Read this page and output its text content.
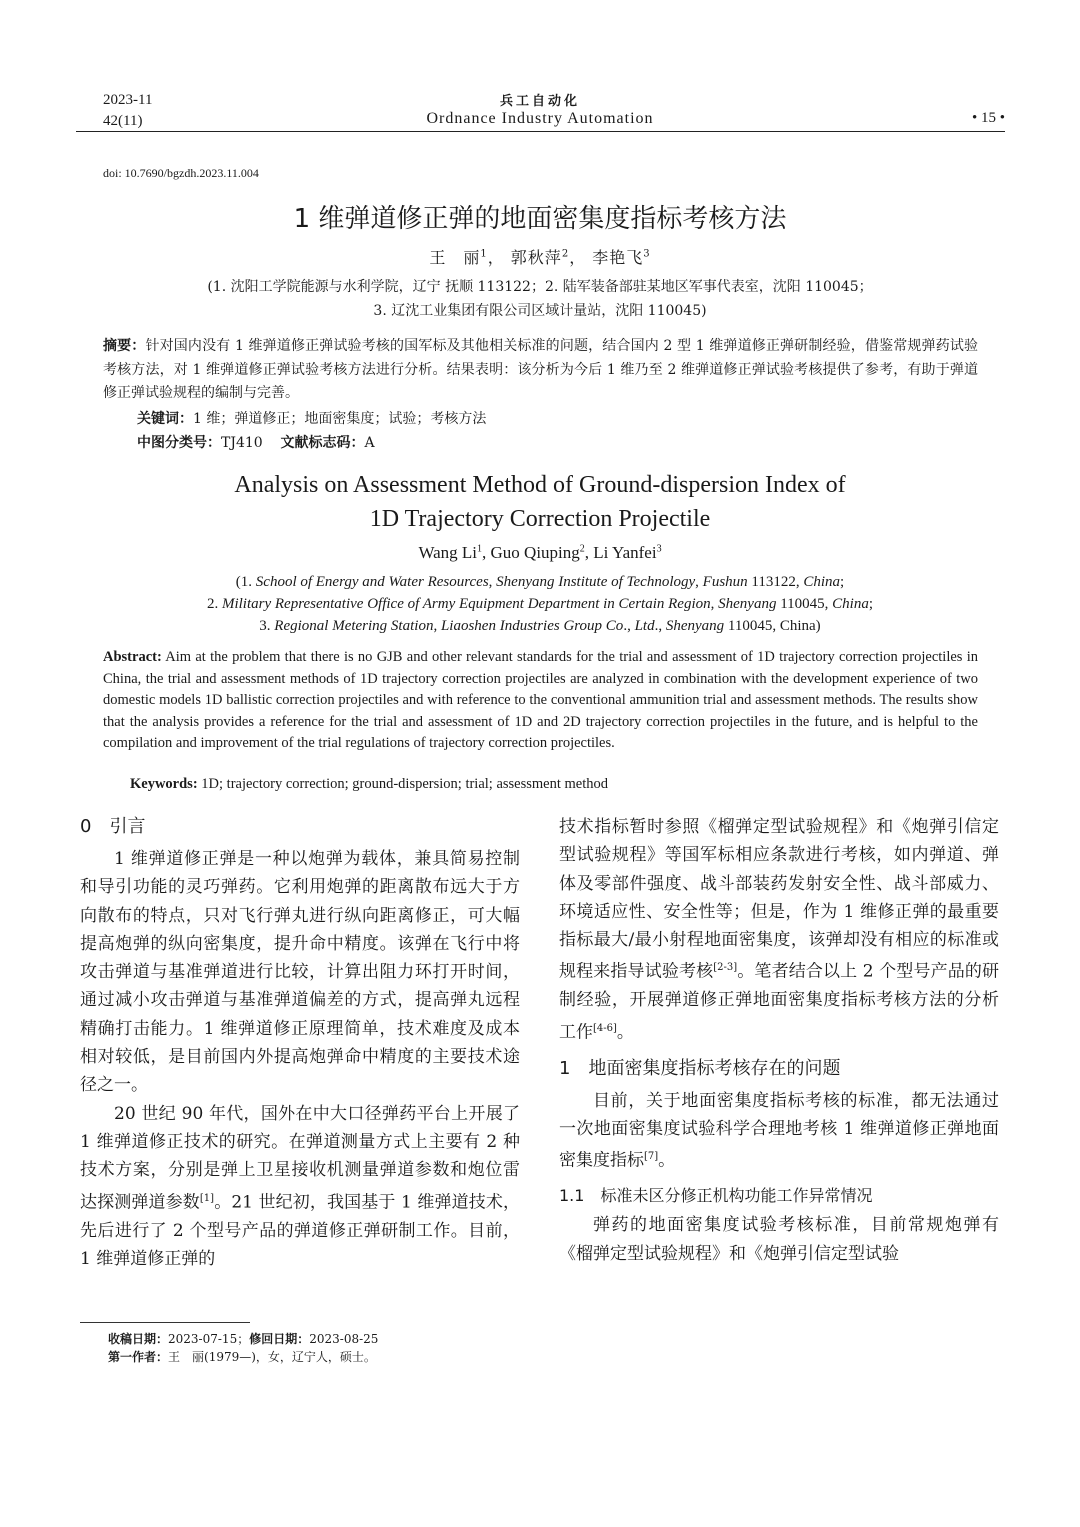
2023-11
42(11)
兵工自动化
Ordnance Industry Automation	• 15 •
doi: 10.7690/bgzdh.2023.11.004
1 维弹道修正弹的地面密集度指标考核方法
王　丽$^1$， 郭秋萍$^2$， 李艳飞$^3$
(1. 沈阳工学院能源与水利学院，辽宁 抚顺 113122；2. 陆军装备部驻某地区军事代表室，沈阳 110045；
3. 辽沈工业集团有限公司区域计量站，沈阳 110045)
摘要：针对国内没有 1 维弹道修正弹试验考核的国军标及其他相关标准的问题，结合国内 2 型 1 维弹道修正弹研制经验，借鉴常规弹药试验考核方法，对 1 维弹道修正弹试验考核方法进行分析。结果表明：该分析为今后 1 维乃至 2 维弹道修正弹试验考核提供了参考，有助于弹道修正弹试验规程的编制与完善。
关键词：1 维；弹道修正；地面密集度；试验；考核方法
中图分类号：TJ410 文献标志码：A
Analysis on Assessment Method of Ground-dispersion Index of
1D Trajectory Correction Projectile
Wang Li$^1$, Guo Qiuping$^2$, Li Yanfei$^3$
(1. School of Energy and Water Resources, Shenyang Institute of Technology, Fushun 113122, China;
2. Military Representative Office of Army Equipment Department in Certain Region, Shenyang 110045, China;
3. Regional Metering Station, Liaoshen Industries Group Co., Ltd., Shenyang 110045, China)
Abstract: Aim at the problem that there is no GJB and other relevant standards for the trial and assessment of 1D trajectory correction projectiles in China, the trial and assessment methods of 1D trajectory correction projectiles are analyzed in combination with the development experience of two domestic models 1D ballistic correction projectiles and with reference to the conventional ammunition trial and assessment methods. The results show that the analysis provides a reference for the trial and assessment of 1D and 2D trajectory correction projectiles in the future, and is helpful to the compilation and improvement of the trial regulations of trajectory correction projectiles.
Keywords: 1D; trajectory correction; ground-dispersion; trial; assessment method
0　引言

1 维弹道修正弹是一种以炮弹为载体，兼具简易控制和导引功能的灵巧弹药。它利用炮弹的距离散布远大于方向散布的特点，只对飞行弹丸进行纵向距离修正，可大幅提高炮弹的纵向密集度，提升命中精度。该弹在飞行中将攻击弹道与基准弹道进行比较，计算出阻力环打开时间，通过减小攻击弹道与基准弹道偏差的方式，提高弹丸远程精确打击能力。1 维弹道修正原理简单，技术难度及成本相对较低，是目前国内外提高炮弹命中精度的主要技术途径之一。

20 世纪 90 年代，国外在中大口径弹药平台上开展了 1 维弹道修正技术的研究。在弹道测量方式上主要有 2 种技术方案，分别是弹上卫星接收机测量弹道参数和炮位雷达探测弹道参数[1]。21 世纪初，我国基于 1 维弹道技术，先后进行了 2 个型号产品的弹道修正弹研制工作。目前，1 维弹道修正弹的

技术指标暂时参照《榴弹定型试验规程》和《炮弹引信定型试验规程》等国军标相应条款进行考核，如内弹道、弹体及零部件强度、战斗部装药发射安全性、战斗部威力、环境适应性、安全性等；但是，作为 1 维修正弹的最重要指标最大/最小射程地面密集度，该弹却没有相应的标准或规程来指导试验考核[2-3]。笔者结合以上 2 个型号产品的研制经验，开展弹道修正弹地面密集度指标考核方法的分析工作[4-6]。

1　地面密集度指标考核存在的问题

目前，关于地面密集度指标考核的标准，都无法通过一次地面密集度试验科学合理地考核 1 维弹道修正弹地面密集度指标[7]。

1.1　标准未区分修正机构功能工作异常情况

弹药的地面密集度试验考核标准，目前常规炮弹有《榴弹定型试验规程》和《炮弹引信定型试验

收稿日期：2023-07-15；修回日期：2023-08-25
第一作者：王　丽(1979—)，女，辽宁人，硕士。
